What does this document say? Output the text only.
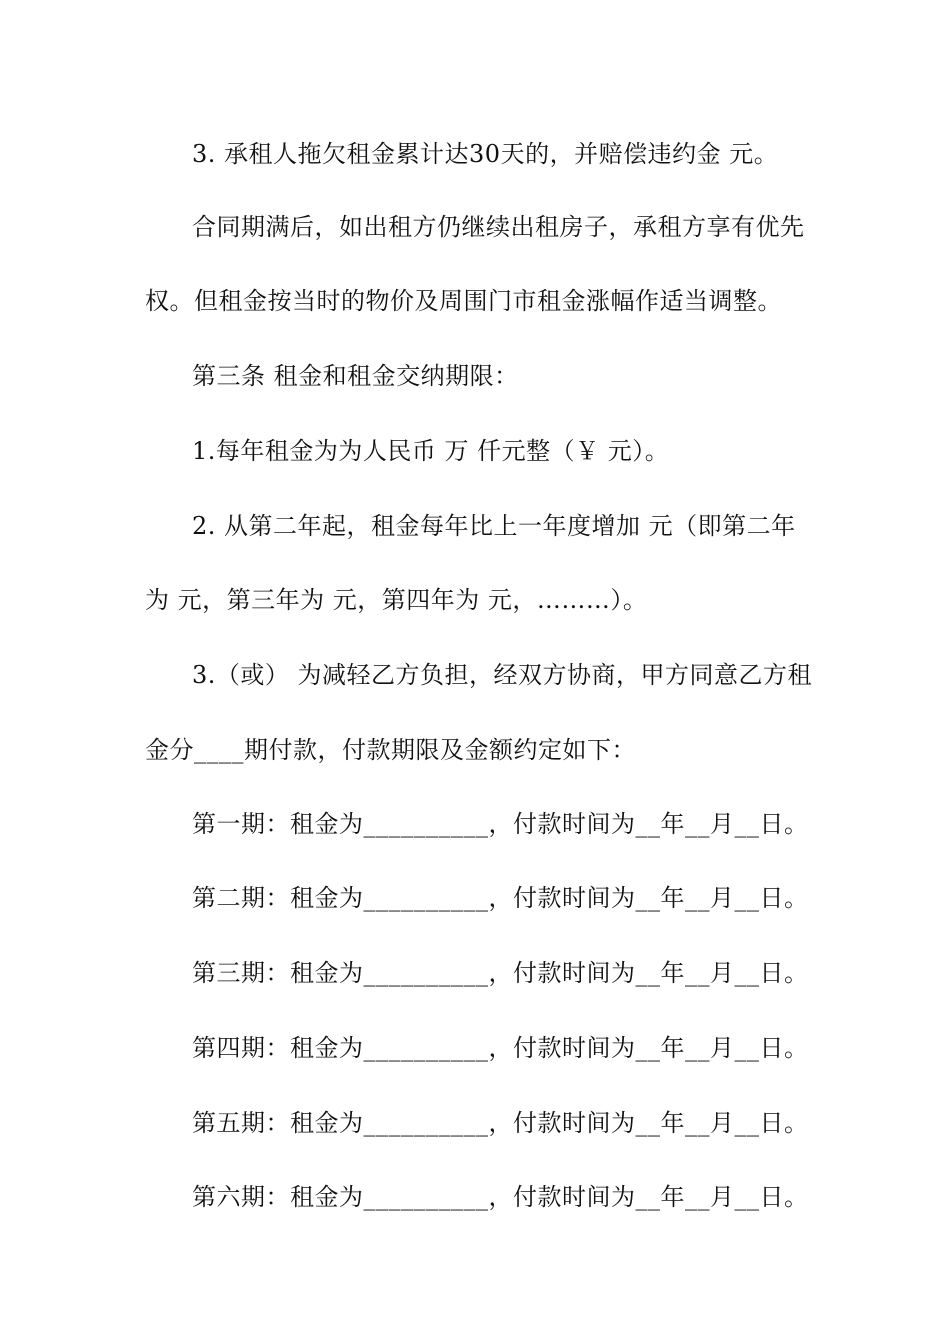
3. 承租人拖欠租金累计达30天的，并赔偿违约金 元。
合同期满后，如出租方仍继续出租房子，承租方享有优先
权。但租金按当时的物价及周围门市租金涨幅作适当调整。
第三条 租金和租金交纳期限：
1.每年租金为为人民币 万 仟元整（￥ 元）。
2. 从第二年起，租金每年比上一年度增加 元（即第二年
为 元，第三年为 元，第四年为 元，………）。
3.（或） 为减轻乙方负担，经双方协商，甲方同意乙方租
金分____期付款，付款期限及金额约定如下：
第一期：租金为__________，付款时间为__年__月__日。
第二期：租金为__________，付款时间为__年__月__日。
第三期：租金为__________，付款时间为__年__月__日。
第四期：租金为__________，付款时间为__年__月__日。
第五期：租金为__________，付款时间为__年__月__日。
第六期：租金为__________，付款时间为__年__月__日。
